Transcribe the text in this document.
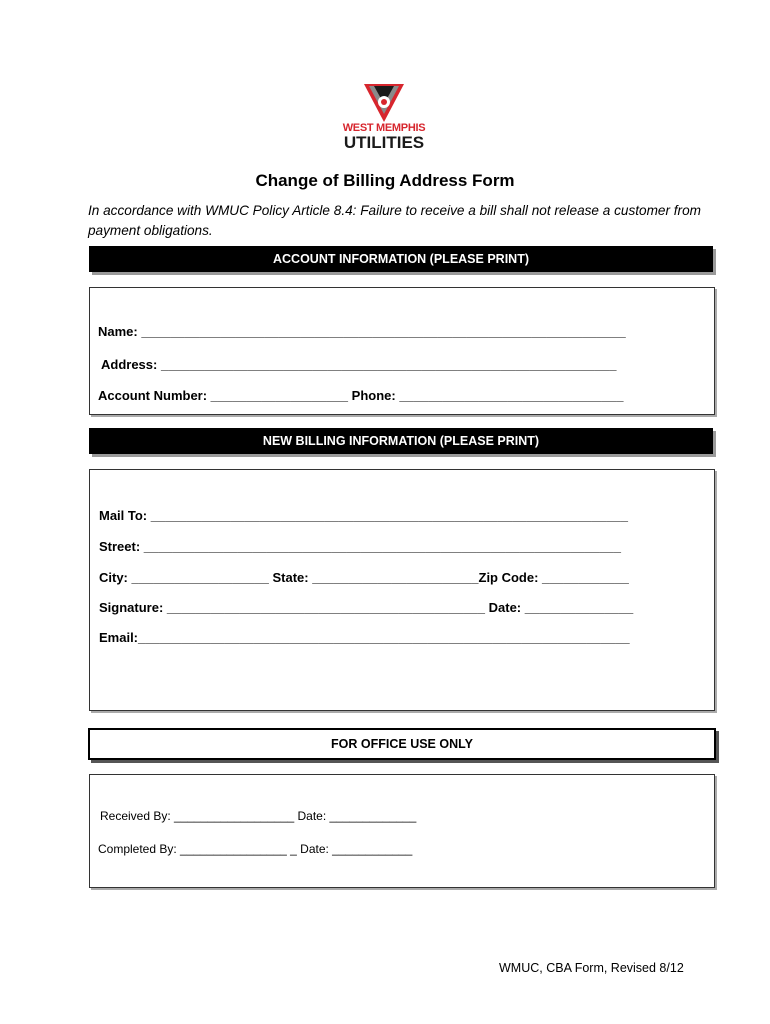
WEST MEMPHIS
UTILITIES
Change of Billing Address Form
In accordance with WMUC Policy Article 8.4: Failure to receive a bill shall not release a customer from payment obligations.
ACCOUNT INFORMATION (PLEASE PRINT)
Name: ___________________________________________________________________
Address: _______________________________________________________________
Account Number: ___________________ Phone: _______________________________
NEW BILLING INFORMATION (PLEASE PRINT)
Mail To: __________________________________________________________________
Street: __________________________________________________________________
City: ___________________ State: _______________________Zip Code: ____________
Signature: ____________________________________________ Date: _______________
Email:____________________________________________________________________
FOR OFFICE USE ONLY
Received By: __________________ Date: _____________
Completed By: ________________ _ Date: ____________
WMUC, CBA Form, Revised 8/12
